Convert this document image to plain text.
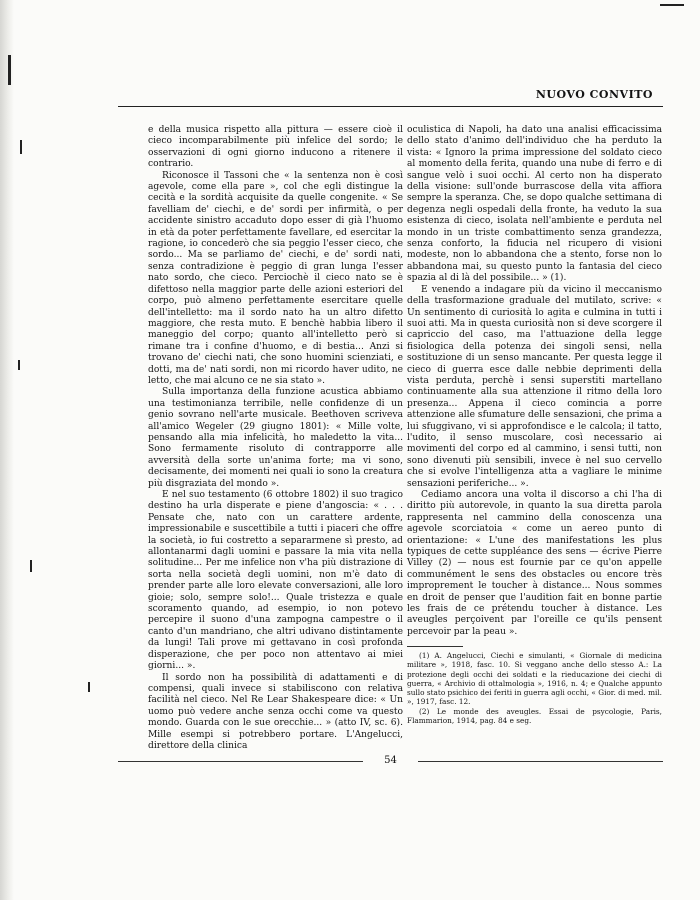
NUOVO CONVITO

e della musica rispetto alla pittura — essere cioè il cieco incomparabilmente più infelice del sordo; le osservazioni di ogni giorno inducono a ritenere il contrario.

Riconosce il Tassoni che « la sentenza non è così agevole, come ella pare », col che egli distingue la cecità e la sordità acquisite da quelle congenite. « Se favelliam de' ciechi, e de' sordi per infirmità, o per accidente sinistro accaduto dopo esser di già l'huomo in età da poter perfettamente favellare, ed esercitar la ragione, io concederò che sia peggio l'esser cieco, che sordo... Ma se parliamo de' ciechi, e de' sordi nati, senza contradizione è peggio di gran lunga l'esser nato sordo, che cieco. Perciochè il cieco nato se è difettoso nella maggior parte delle azioni esteriori del corpo, può almeno perfettamente esercitare quelle dell'intelletto: ma il sordo nato ha un altro difetto maggiore, che resta muto. E benchè habbia libero il maneggio del corpo; quanto all'intelletto però si rimane tra i confine d'huomo, e di bestia... Anzi si trovano de' ciechi nati, che sono huomini scienziati, e dotti, ma de' nati sordi, non mi ricordo haver udito, ne letto, che mai alcuno ce ne sia stato ».

Sulla importanza della funzione acustica abbiamo una testimonianza terribile, nelle confidenze di un genio sovrano nell'arte musicale. Beethoven scriveva all'amico Wegeler (29 giugno 1801): « Mille volte, pensando alla mia infelicità, ho maledetto la vita... Sono fermamente risoluto di contrapporre alle avversità della sorte un'anima forte; ma vi sono, decisamente, dei momenti nei quali io sono la creatura più disgraziata del mondo ».

E nel suo testamento (6 ottobre 1802) il suo tragico destino ha urla disperate e piene d'angoscia: « . . . Pensate che, nato con un carattere ardente, impressionabile e suscettibile a tutti i piaceri che offre la società, io fui costretto a separarmene sì presto, ad allontanarmi dagli uomini e passare la mia vita nella solitudine... Per me infelice non v'ha più distrazione di sorta nella società degli uomini, non m'è dato di prender parte alle loro elevate conversazioni, alle loro gioie; solo, sempre solo!... Quale tristezza e quale scoramento quando, ad esempio, io non potevo percepire il suono d'una zampogna campestre o il canto d'un mandriano, che altri udivano distintamente da lungi! Tali prove mi gettavano in così profonda disperazione, che per poco non attentavo ai miei giorni... ».

Il sordo non ha possibilità di adattamenti e di compensi, quali invece si stabiliscono con relativa facilità nel cieco. Nel Re Lear Shakespeare dice: « Un uomo può vedere anche senza occhi come va questo mondo. Guarda con le sue orecchie... » (atto IV, sc. 6). Mille esempi si potrebbero portare. L'Angelucci, direttore della clinica

oculistica di Napoli, ha dato una analisi efficacissima dello stato d'animo dell'individuo che ha perduto la vista: « Ignoro la prima impressione del soldato cieco al momento della ferita, quando una nube di ferro e di sangue velò i suoi occhi. Al certo non ha disperato della visione: sull'onde burrascose della vita affiora sempre la speranza. Che, se dopo qualche settimana di degenza negli ospedali della fronte, ha veduto la sua esistenza di cieco, isolata nell'ambiente e perduta nel mondo in un triste combattimento senza grandezza, senza conforto, la fiducia nel ricupero di visioni modeste, non lo abbandona che a stento, forse non lo abbandona mai, su questo punto la fantasia del cieco spazia al di là del possibile... » (1).

E venendo a indagare più da vicino il meccanismo della trasformazione graduale del mutilato, scrive: « Un sentimento di curiosità lo agita e culmina in tutti i suoi atti. Ma in questa curiosità non si deve scorgere il capriccio del caso, ma l'attuazione della legge fisiologica della potenza dei singoli sensi, nella sostituzione di un senso mancante. Per questa legge il cieco di guerra esce dalle nebbie deprimenti della vista perduta, perchè i sensi superstiti martellano continuamente alla sua attenzione il ritmo della loro presenza... Appena il cieco comincia a porre attenzione alle sfumature delle sensazioni, che prima a lui sfuggivano, vi si approfondisce e le calcola; il tatto, l'udito, il senso muscolare, così necessario ai movimenti del corpo ed al cammino, i sensi tutti, non sono divenuti più sensibili, invece è nel suo cervello che si evolve l'intelligenza atta a vagliare le minime sensazioni periferiche... ».

Cediamo ancora una volta il discorso a chi l'ha di diritto più autorevole, in quanto la sua diretta parola rappresenta nel cammino della conoscenza una agevole scorciatoia « come un aereo punto di orientazione: « L'une des manifestations les plus typiques de cette suppléance des sens — écrive Pierre Villey (2) — nous est fournie par ce qu'on appelle communément le sens des obstacles ou encore très improprement le toucher à distance... Nous sommes en droit de penser que l'audition fait en bonne partie les frais de ce prétendu toucher à distance. Les aveugles perçoivent par l'oreille ce qu'ils pensent percevoir par la peau ».

(1) A. Angelucci, Ciechi e simulanti, « Giornale di medicina militare », 1918, fasc. 10. Si veggano anche dello stesso A.: La protezione degli occhi dei soldati e la rieducazione dei ciechi di guerra, « Archivio di ottalmologia », 1916, n. 4; e Qualche appunto sullo stato psichico dei feriti in guerra agli occhi, « Gior. di med. mil. », 1917, fasc. 12.

(2) Le monde des aveugles. Essai de psycologie, Paris, Flammarion, 1914, pag. 84 e seg.

54
